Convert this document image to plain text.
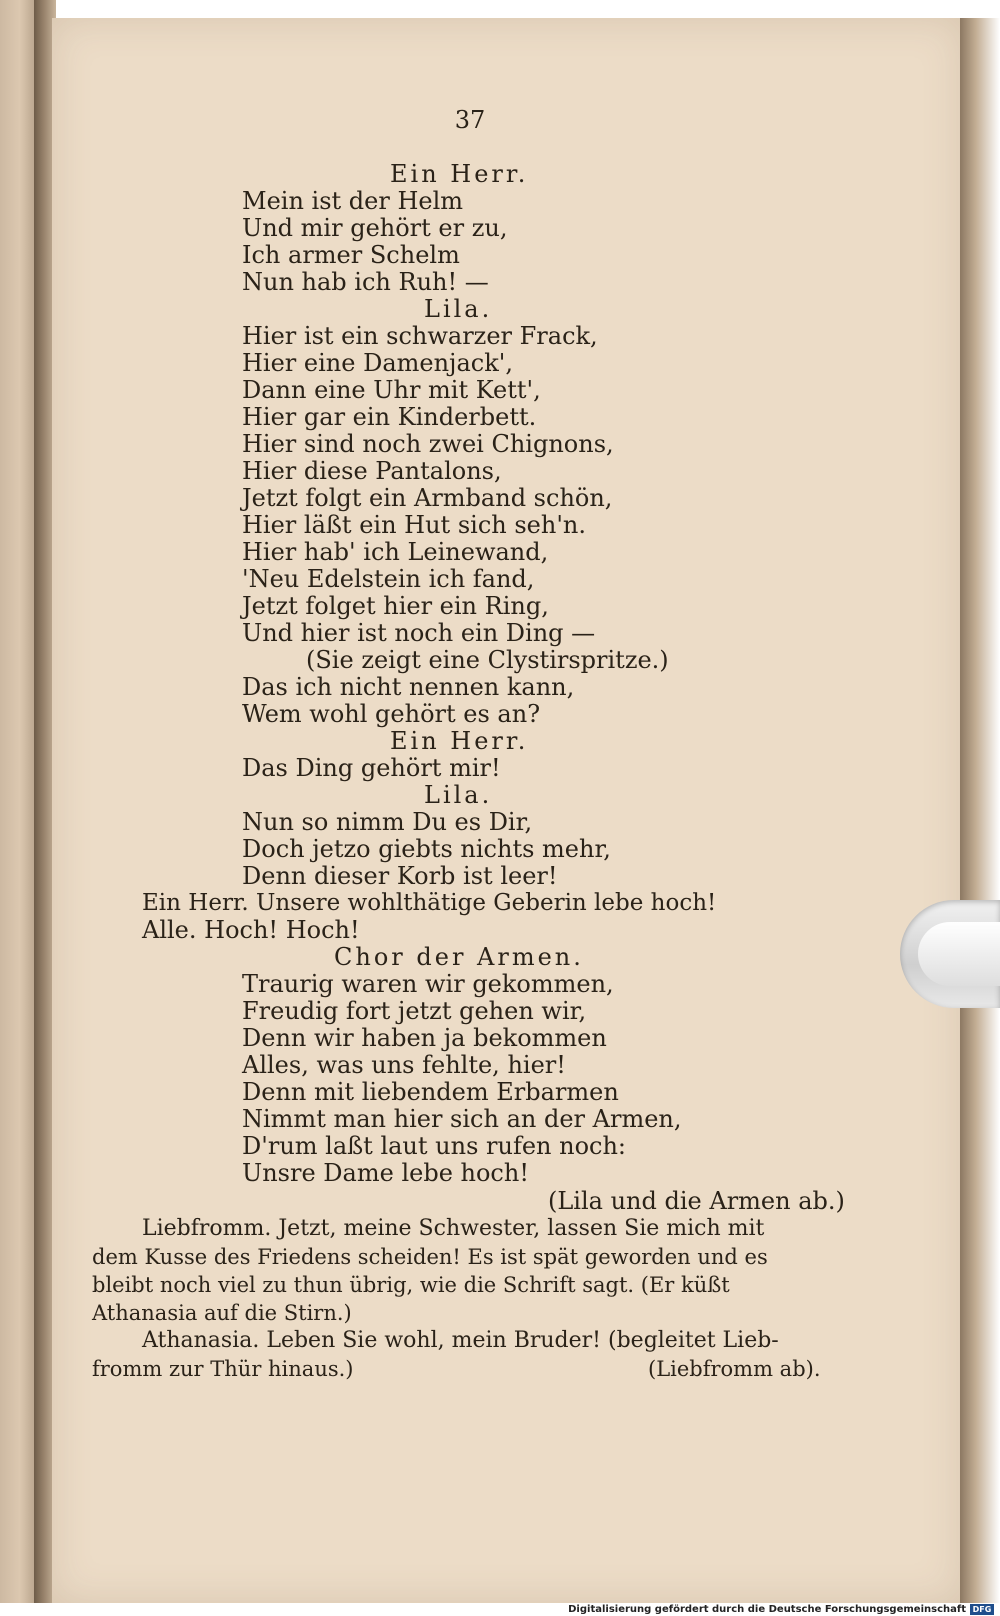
37
Ein Herr.
Mein ist der Helm
Und mir gehört er zu,
Ich armer Schelm
Nun hab ich Ruh! —
Lila.
Hier ist ein schwarzer Frack,
Hier eine Damenjack',
Dann eine Uhr mit Kett',
Hier gar ein Kinderbett.
Hier sind noch zwei Chignons,
Hier diese Pantalons,
Jetzt folgt ein Armband schön,
Hier läßt ein Hut sich seh'n.
Hier hab' ich Leinewand,
'Neu Edelstein ich fand,
Jetzt folget hier ein Ring,
Und hier ist noch ein Ding —
(Sie zeigt eine Clystirspritze.)
Das ich nicht nennen kann,
Wem wohl gehört es an?
Ein Herr.
Das Ding gehört mir!
Lila.
Nun so nimm Du es Dir,
Doch jetzo giebts nichts mehr,
Denn dieser Korb ist leer!
Ein Herr. Unsere wohlthätige Geberin lebe hoch!
Alle. Hoch! Hoch!
Chor der Armen.
Traurig waren wir gekommen,
Freudig fort jetzt gehen wir,
Denn wir haben ja bekommen
Alles, was uns fehlte, hier!
Denn mit liebendem Erbarmen
Nimmt man hier sich an der Armen,
D'rum laßt laut uns rufen noch:
Unsre Dame lebe hoch!
(Lila und die Armen ab.)
Liebfromm. Jetzt, meine Schwester, lassen Sie mich mit
dem Kusse des Friedens scheiden! Es ist spät geworden und es
bleibt noch viel zu thun übrig, wie die Schrift sagt. (Er küßt
Athanasia auf die Stirn.)
Athanasia. Leben Sie wohl, mein Bruder! (begleitet Lieb-
fromm zur Thür hinaus.)	(Liebfromm ab).
Digitalisierung gefördert durch die Deutsche Forschungsgemeinschaft DFG
